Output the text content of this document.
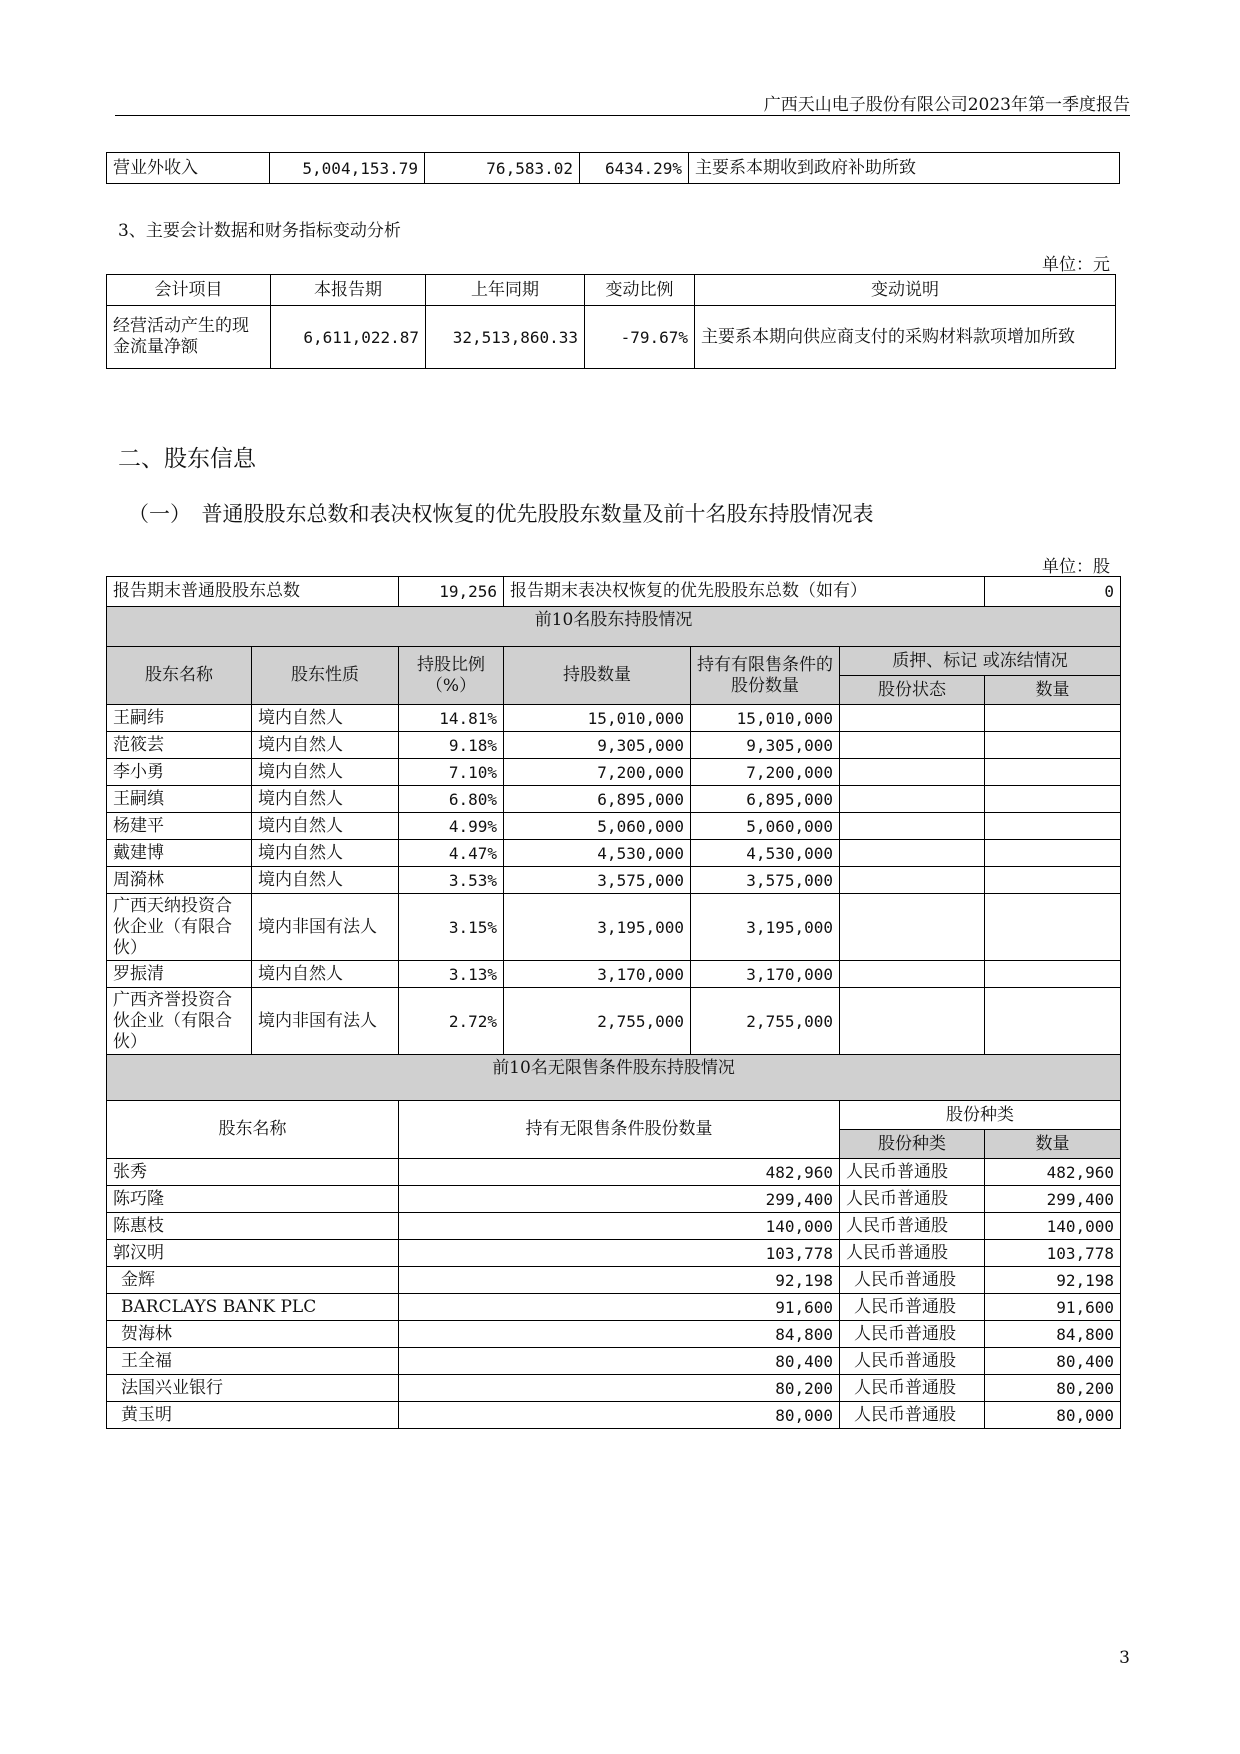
广西天山电子股份有限公司2023年第一季度报告
营业外收入	5,004,153.79	76,583.02	6434.29%	主要系本期收到政府补助所致
3、主要会计数据和财务指标变动分析
单位：元
会计项目	本报告期	上年同期	变动比例	变动说明
经营活动产生的现金流量净额	6,611,022.87	32,513,860.33	-79.67%	主要系本期向供应商支付的采购材料款项增加所致
二、股东信息
（一）　普通股股东总数和表决权恢复的优先股股东数量及前十名股东持股情况表
单位：股
报告期末普通股股东总数		19,256	报告期末表决权恢复的优先股股东总数（如有）			0
前10名股东持股情况						
股东名称	股东性质	持股比例（%）	持股数量	持有有限售条件的股份数量	质押、标记 或冻结情况	
					股份状态	数量
王嗣纬	境内自然人	14.81%	15,010,000	15,010,000		
范筱芸	境内自然人	9.18%	9,305,000	9,305,000		
李小勇	境内自然人	7.10%	7,200,000	7,200,000		
王嗣缜	境内自然人	6.80%	6,895,000	6,895,000		
杨建平	境内自然人	4.99%	5,060,000	5,060,000		
戴建博	境内自然人	4.47%	4,530,000	4,530,000		
周漪林	境内自然人	3.53%	3,575,000	3,575,000		
广西天纳投资合伙企业（有限合伙）	境内非国有法人	3.15%	3,195,000	3,195,000		
罗振清	境内自然人	3.13%	3,170,000	3,170,000		
广西齐誉投资合伙企业（有限合伙）	境内非国有法人	2.72%	2,755,000	2,755,000		
前10名无限售条件股东持股情况						
股东名称		持有无限售条件股份数量			股份种类	
					股份种类	数量
张秀		482,960			人民币普通股	482,960
陈巧隆		299,400			人民币普通股	299,400
陈惠枝		140,000			人民币普通股	140,000
郭汉明		103,778			人民币普通股	103,778
金辉		92,198			人民币普通股	92,198
BARCLAYS BANK PLC		91,600			人民币普通股	91,600
贺海林		84,800			人民币普通股	84,800
王全福		80,400			人民币普通股	80,400
法国兴业银行		80,200			人民币普通股	80,200
黄玉明		80,000			人民币普通股	80,000
3
